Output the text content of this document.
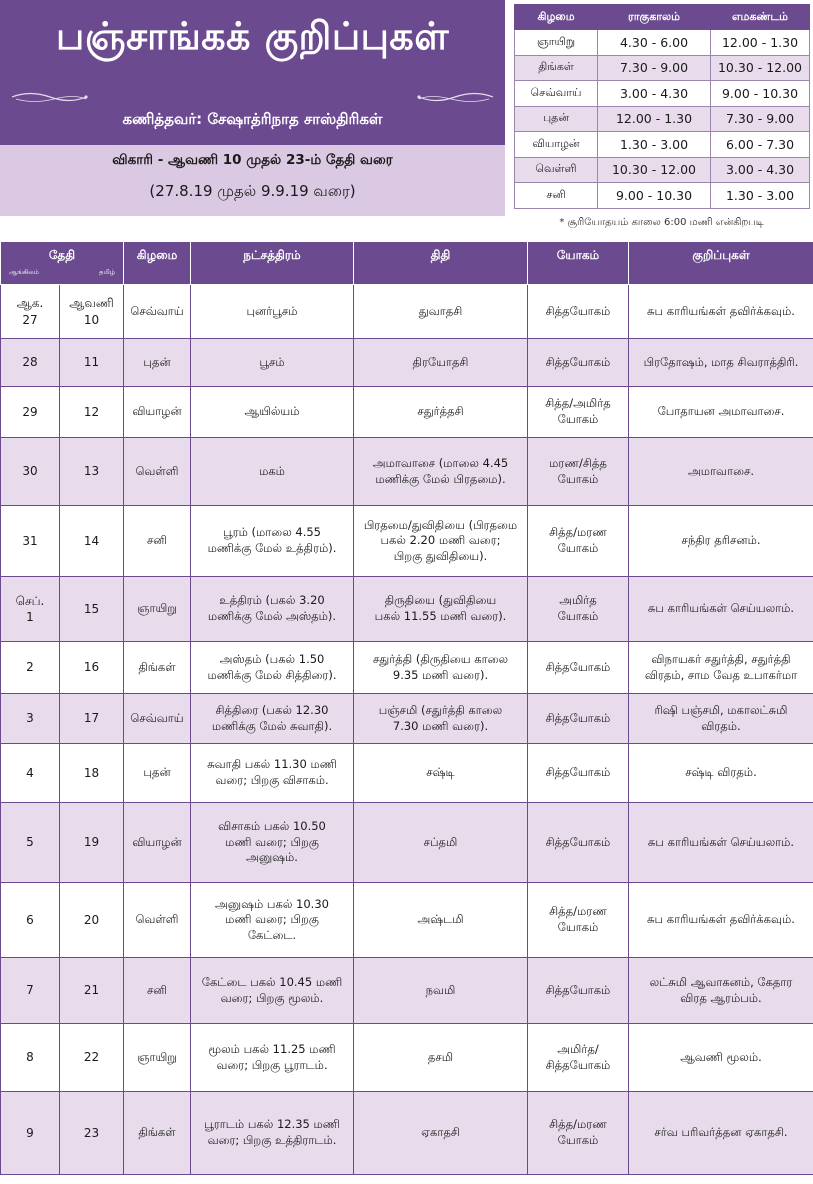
பஞ்சாங்கக் குறிப்புகள்
கணித்தவர்: சேஷாத்ரிநாத சாஸ்திரிகள்
விகாரி - ஆவணி 10 முதல் 23-ம் தேதி வரை
(27.8.19 முதல் 9.9.19 வரை)
கிழமை	ராகுகாலம்	எமகண்டம்
ஞாயிறு	4.30 - 6.00	12.00 - 1.30
திங்கள்	7.30 - 9.00	10.30 - 12.00
செவ்வாய்	3.00 - 4.30	9.00 - 10.30
புதன்	12.00 - 1.30	7.30 - 9.00
வியாழன்	1.30 - 3.00	6.00 - 7.30
வெள்ளி	10.30 - 12.00	3.00 - 4.30
சனி	9.00 - 10.30	1.30 - 3.00
* சூரியோதயம் காலை 6:00 மணி என்கிறபடி
தேதி
ஆங்கிலம் தமிழ்		கிழமை	நட்சத்திரம்	திதி	யோகம்	குறிப்புகள்
ஆக.
27	ஆவணி
10	செவ்வாய்	புனர்பூசம்	துவாதசி	சித்தயோகம்	சுப காரியங்கள் தவிர்க்கவும்.
28	11	புதன்	பூசம்	திரயோதசி	சித்தயோகம்	பிரதோஷம், மாத சிவராத்திரி.
29	12	வியாழன்	ஆயில்யம்	சதுர்த்தசி	சித்த/அமிர்த
யோகம்	போதாயன அமாவாசை.
30	13	வெள்ளி	மகம்	அமாவாசை (மாலை 4.45
மணிக்கு மேல் பிரதமை).	மரண/சித்த
யோகம்	அமாவாசை.
31	14	சனி	பூரம் (மாலை 4.55
மணிக்கு மேல் உத்திரம்).	பிரதமை/துவிதியை (பிரதமை
பகல் 2.20 மணி வரை;
பிறகு துவிதியை).	சித்த/மரண
யோகம்	சந்திர தரிசனம்.
செப்.
1	15	ஞாயிறு	உத்திரம் (பகல் 3.20
மணிக்கு மேல் அஸ்தம்).	திருதியை (துவிதியை
பகல் 11.55 மணி வரை).	அமிர்த
யோகம்	சுப காரியங்கள் செய்யலாம்.
2	16	திங்கள்	அஸ்தம் (பகல் 1.50
மணிக்கு மேல் சித்திரை).	சதுர்த்தி (திருதியை காலை
9.35 மணி வரை).	சித்தயோகம்	விநாயகர் சதுர்த்தி, சதுர்த்தி
விரதம், சாம வேத உபாகர்மா
3	17	செவ்வாய்	சித்திரை (பகல் 12.30
மணிக்கு மேல் சுவாதி).	பஞ்சமி (சதுர்த்தி காலை
7.30 மணி வரை).	சித்தயோகம்	ரிஷி பஞ்சமி, மகாலட்சுமி
விரதம்.
4	18	புதன்	சுவாதி பகல் 11.30 மணி
வரை; பிறகு விசாகம்.	சஷ்டி	சித்தயோகம்	சஷ்டி விரதம்.
5	19	வியாழன்	விசாகம் பகல் 10.50
மணி வரை; பிறகு
அனுஷம்.	சப்தமி	சித்தயோகம்	சுப காரியங்கள் செய்யலாம்.
6	20	வெள்ளி	அனுஷம் பகல் 10.30
மணி வரை; பிறகு
கேட்டை.	அஷ்டமி	சித்த/மரண
யோகம்	சுப காரியங்கள் தவிர்க்கவும்.
7	21	சனி	கேட்டை பகல் 10.45 மணி
வரை; பிறகு மூலம்.	நவமி	சித்தயோகம்	லட்சுமி ஆவாகனம், கேதார
விரத ஆரம்பம்.
8	22	ஞாயிறு	மூலம் பகல் 11.25 மணி
வரை; பிறகு பூராடம்.	தசமி	அமிர்த/
சித்தயோகம்	ஆவணி மூலம்.
9	23	திங்கள்	பூராடம் பகல் 12.35 மணி
வரை; பிறகு உத்திராடம்.	ஏகாதசி	சித்த/மரண
யோகம்	சர்வ பரிவர்த்தன ஏகாதசி.
